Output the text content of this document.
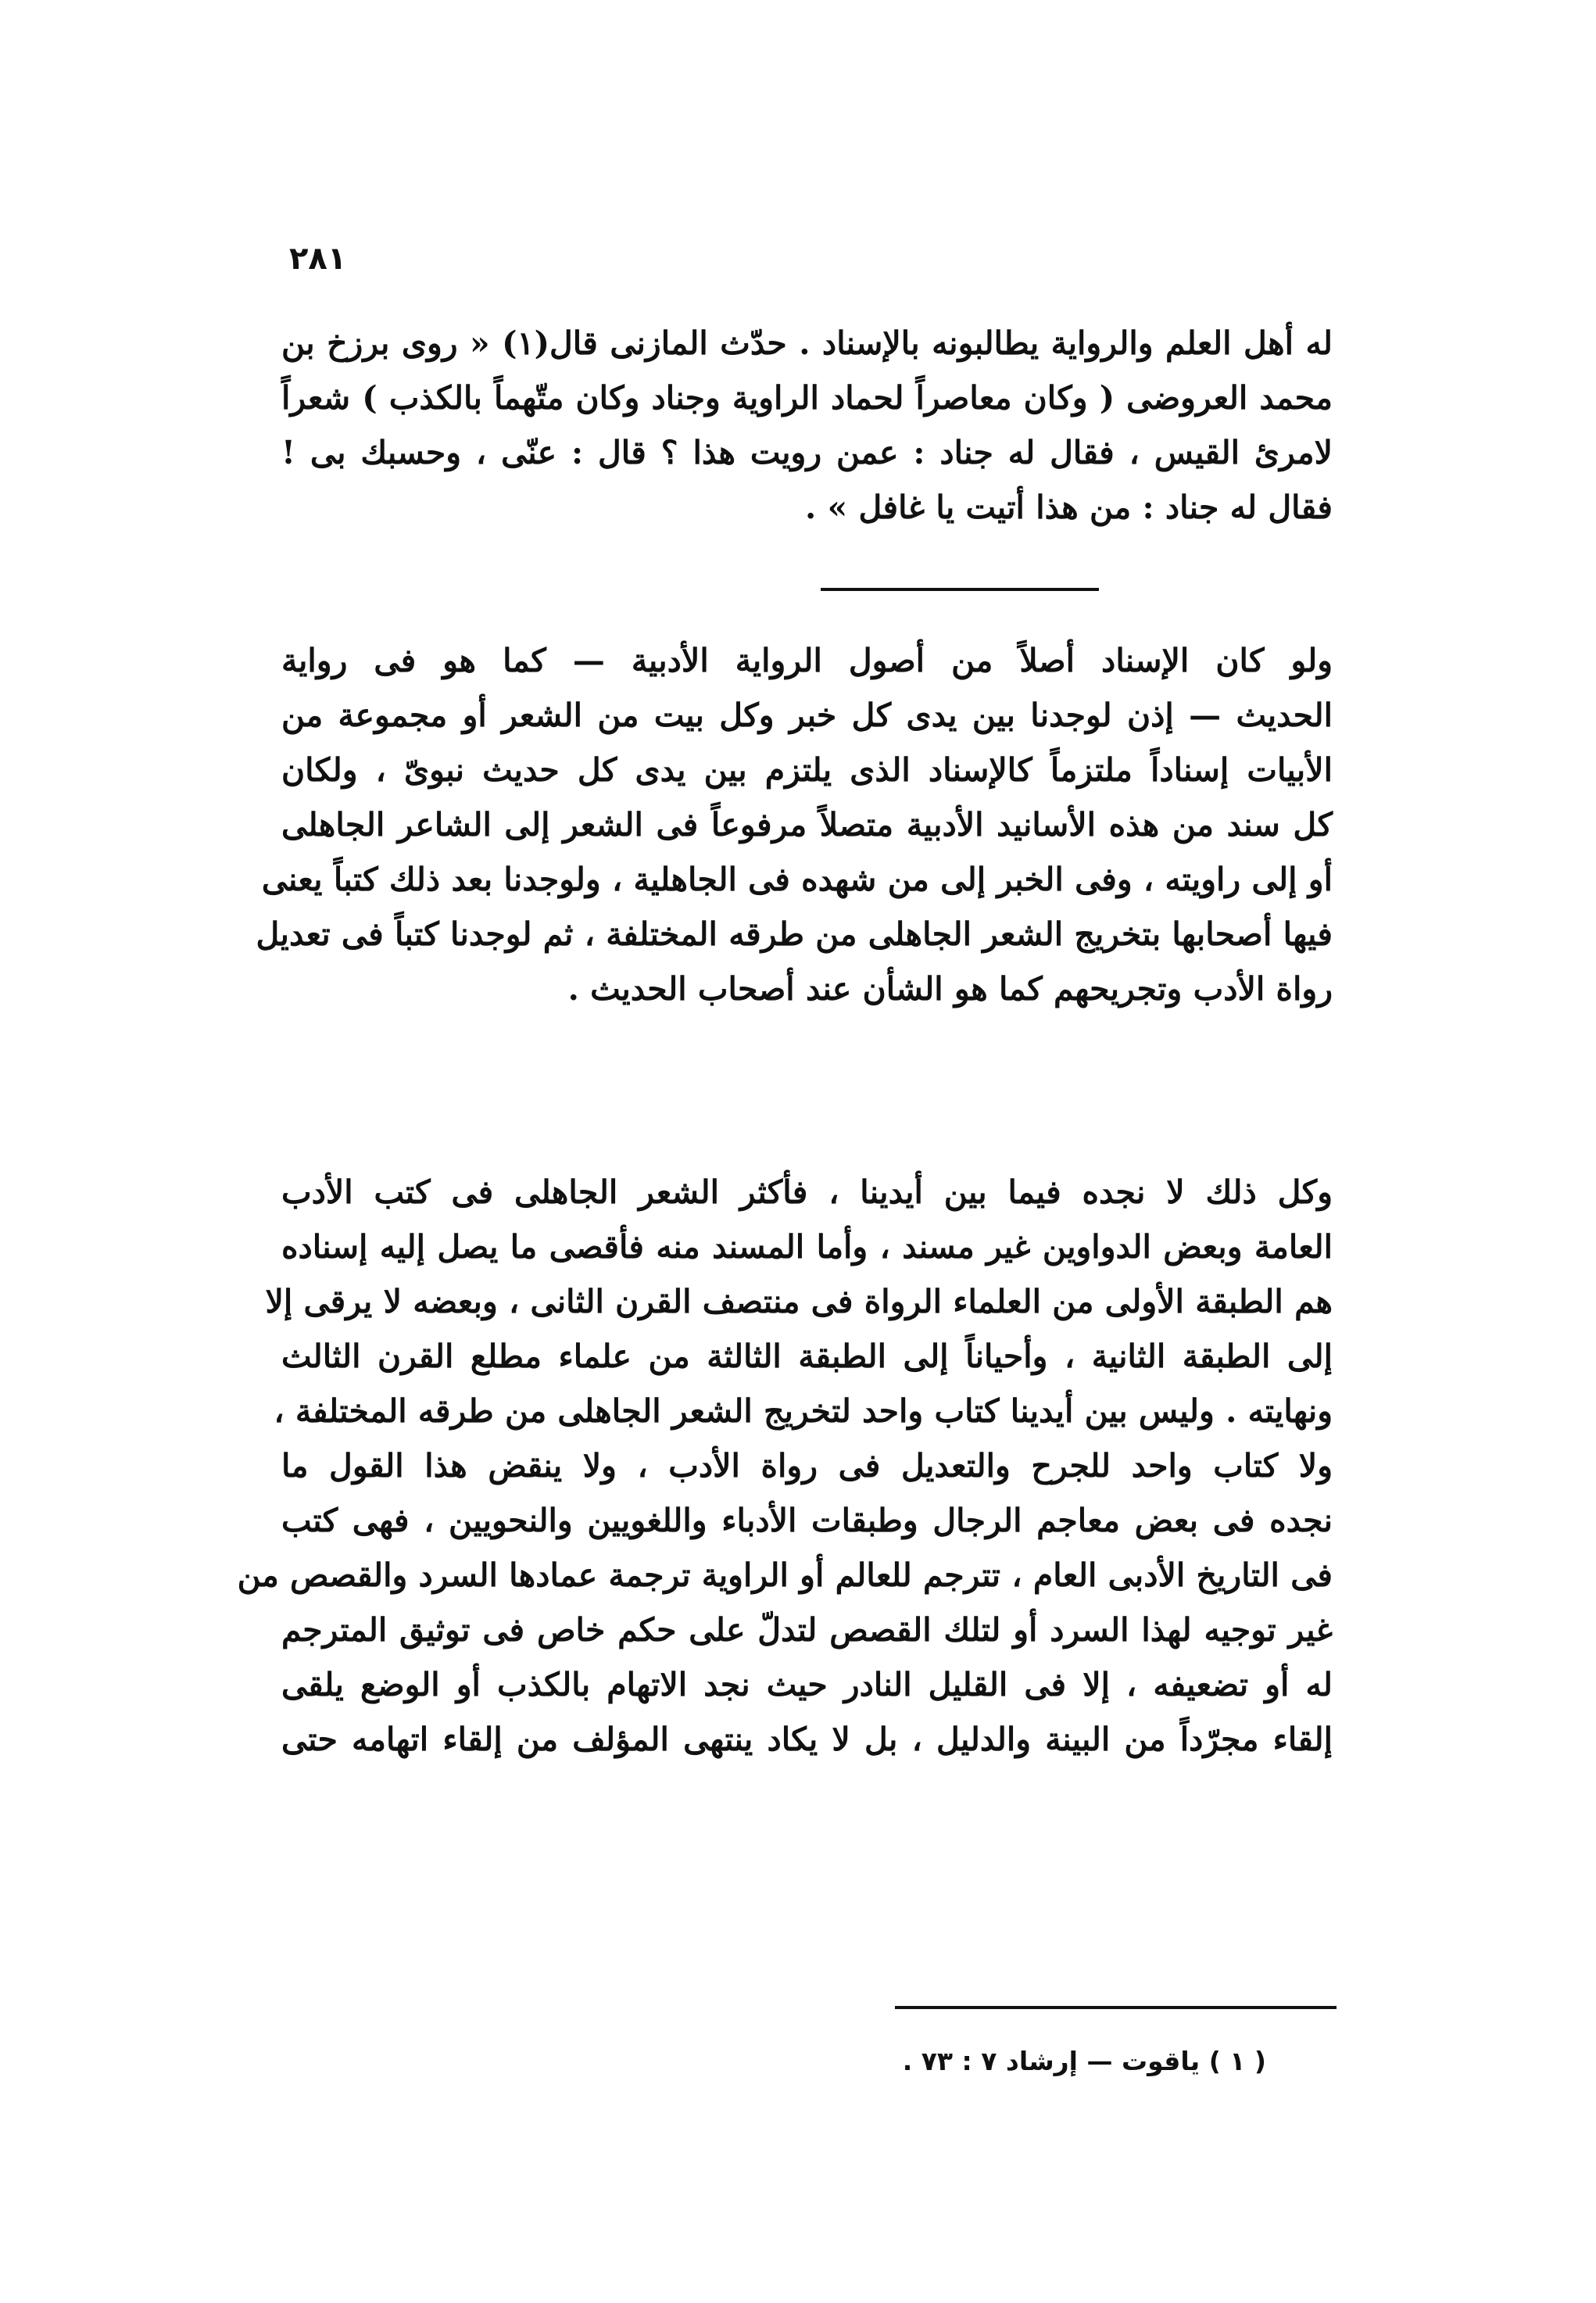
٢٨١
له أهل العلم والرواية يطالبونه بالإسناد . حدّث المازنى قال(١) « روى برزخ بن
محمد العروضى ( وكان معاصراً لحماد الراوية وجناد وكان متّهماً بالكذب ) شعراً
لامرئ القيس ، فقال له جناد : عمن رويت هذا ؟ قال : عنّى ، وحسبك بى !
فقال له جناد : من هذا أتيت يا غافل » .
ولو كان الإسناد أصلاً من أصول الرواية الأدبية — كما هو فى رواية
الحديث — إذن لوجدنا بين يدى كل خبر وكل بيت من الشعر أو مجموعة من
الأبيات إسناداً ملتزماً كالإسناد الذى يلتزم بين يدى كل حديث نبوىّ ، ولكان
كل سند من هذه الأسانيد الأدبية متصلاً مرفوعاً فى الشعر إلى الشاعر الجاهلى
أو إلى راويته ، وفى الخبر إلى من شهده فى الجاهلية ، ولوجدنا بعد ذلك كتباً يعنى
فيها أصحابها بتخريج الشعر الجاهلى من طرقه المختلفة ، ثم لوجدنا كتباً فى تعديل
رواة الأدب وتجريحهم كما هو الشأن عند أصحاب الحديث .
وكل ذلك لا نجده فيما بين أيدينا ، فأكثر الشعر الجاهلى فى كتب الأدب
العامة وبعض الدواوين غير مسند ، وأما المسند منه فأقصى ما يصل إليه إسناده
هم الطبقة الأولى من العلماء الرواة فى منتصف القرن الثانى ، وبعضه لا يرقى إلا
إلى الطبقة الثانية ، وأحياناً إلى الطبقة الثالثة من علماء مطلع القرن الثالث
ونهايته . وليس بين أيدينا كتاب واحد لتخريج الشعر الجاهلى من طرقه المختلفة ،
ولا كتاب واحد للجرح والتعديل فى رواة الأدب ، ولا ينقض هذا القول ما
نجده فى بعض معاجم الرجال وطبقات الأدباء واللغويين والنحويين ، فهى كتب
فى التاريخ الأدبى العام ، تترجم للعالم أو الراوية ترجمة عمادها السرد والقصص من
غير توجيه لهذا السرد أو لتلك القصص لتدلّ على حكم خاص فى توثيق المترجم
له أو تضعيفه ، إلا فى القليل النادر حيث نجد الاتهام بالكذب أو الوضع يلقى
إلقاء مجرّداً من البينة والدليل ، بل لا يكاد ينتهى المؤلف من إلقاء اتهامه حتى
( ١ ) ياقوت — إرشاد ٧ : ٧٣ .
